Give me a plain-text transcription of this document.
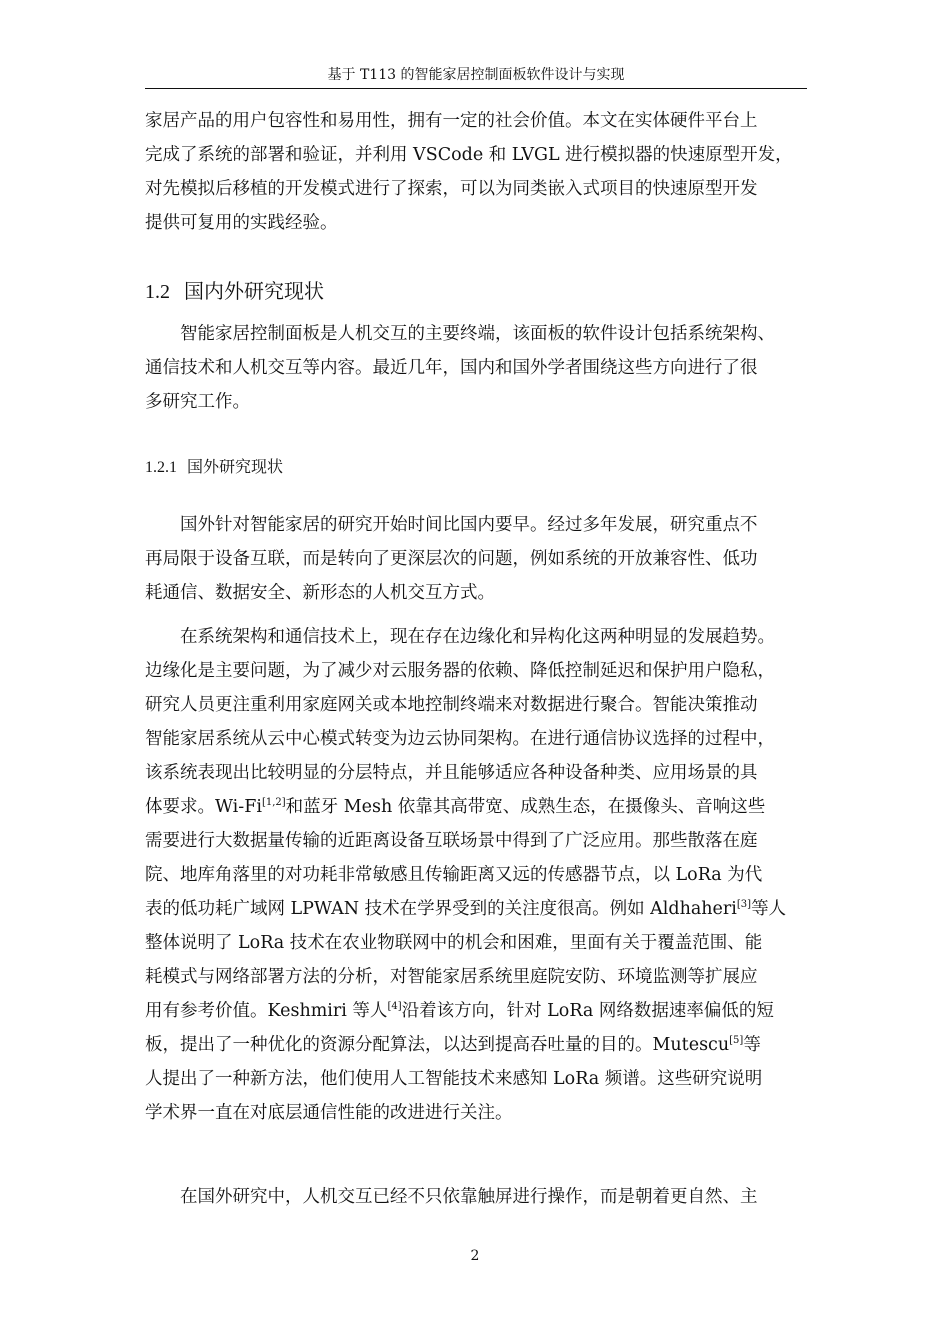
基于 T113 的智能家居控制面板软件设计与实现
家居产品的用户包容性和易用性，拥有一定的社会价值。本文在实体硬件平台上
完成了系统的部署和验证，并利用 VSCode 和 LVGL 进行模拟器的快速原型开发，
对先模拟后移植的开发模式进行了探索，可以为同类嵌入式项目的快速原型开发
提供可复用的实践经验。
1.2 国内外研究现状
智能家居控制面板是人机交互的主要终端，该面板的软件设计包括系统架构、
通信技术和人机交互等内容。最近几年，国内和国外学者围绕这些方向进行了很
多研究工作。
1.2.1 国外研究现状
国外针对智能家居的研究开始时间比国内要早。经过多年发展，研究重点不
再局限于设备互联，而是转向了更深层次的问题，例如系统的开放兼容性、低功
耗通信、数据安全、新形态的人机交互方式。
在系统架构和通信技术上，现在存在边缘化和异构化这两种明显的发展趋势。
边缘化是主要问题，为了减少对云服务器的依赖、降低控制延迟和保护用户隐私，
研究人员更注重利用家庭网关或本地控制终端来对数据进行聚合。智能决策推动
智能家居系统从云中心模式转变为边云协同架构。在进行通信协议选择的过程中，
该系统表现出比较明显的分层特点，并且能够适应各种设备种类、应用场景的具
体要求。Wi-Fi[1,2]和蓝牙 Mesh 依靠其高带宽、成熟生态，在摄像头、音响这些
需要进行大数据量传输的近距离设备互联场景中得到了广泛应用。那些散落在庭
院、地库角落里的对功耗非常敏感且传输距离又远的传感器节点，以 LoRa 为代
表的低功耗广域网 LPWAN 技术在学界受到的关注度很高。例如 Aldhaheri[3]等人
整体说明了 LoRa 技术在农业物联网中的机会和困难，里面有关于覆盖范围、能
耗模式与网络部署方法的分析，对智能家居系统里庭院安防、环境监测等扩展应
用有参考价值。Keshmiri 等人[4]沿着该方向，针对 LoRa 网络数据速率偏低的短
板，提出了一种优化的资源分配算法，以达到提高吞吐量的目的。Mutescu[5]等
人提出了一种新方法，他们使用人工智能技术来感知 LoRa 频谱。这些研究说明
学术界一直在对底层通信性能的改进进行关注。
在国外研究中，人机交互已经不只依靠触屏进行操作，而是朝着更自然、主
2
